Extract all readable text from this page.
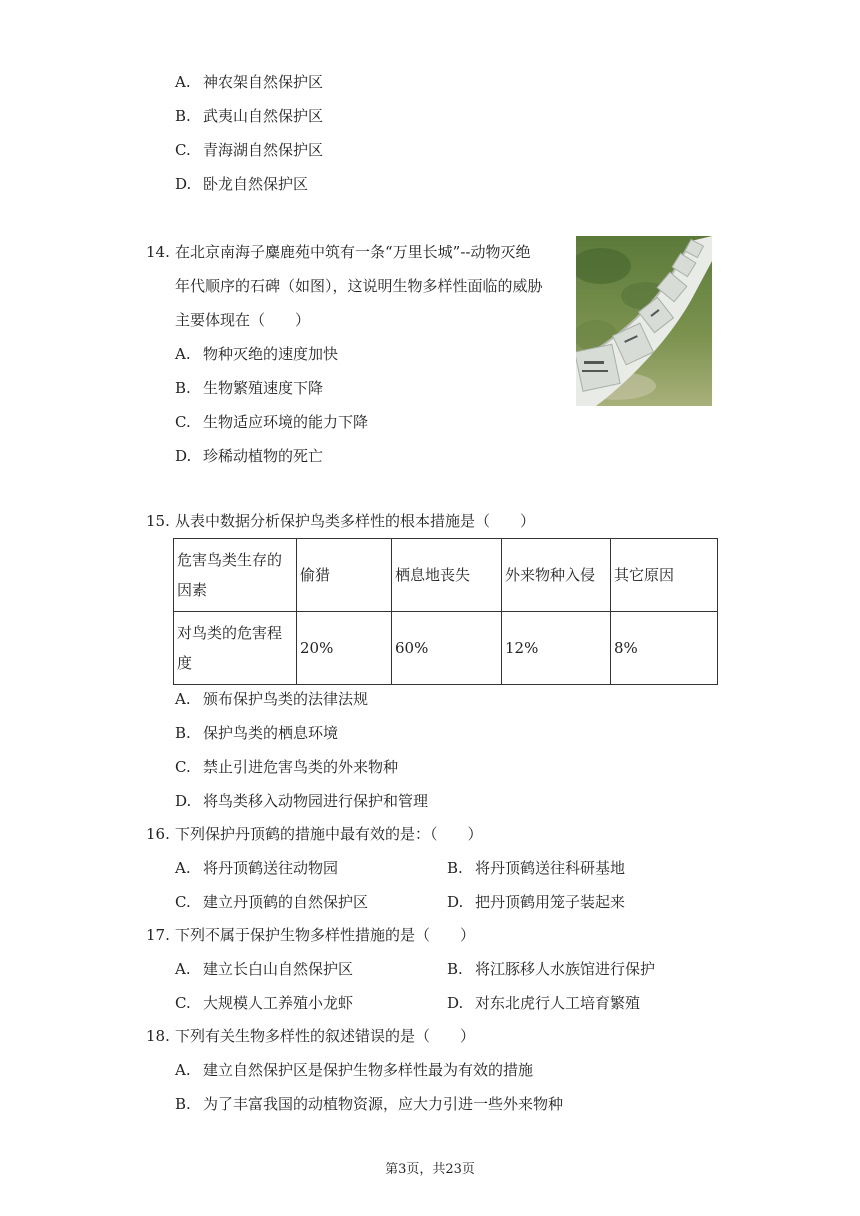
A. 神农架自然保护区
B. 武夷山自然保护区
C. 青海湖自然保护区
D. 卧龙自然保护区
14. 在北京南海子麋鹿苑中筑有一条“万里长城”--动物灭绝
年代顺序的石碑（如图），这说明生物多样性面临的威胁
主要体现在（　　）
A. 物种灭绝的速度加快
B. 生物繁殖速度下降
C. 生物适应环境的能力下降
D. 珍稀动植物的死亡
15. 从表中数据分析保护鸟类多样性的根本措施是（　　）
危害鸟类生存的因素	偷猎	栖息地丧失	外来物种入侵	其它原因
对鸟类的危害程度	20%	60%	12%	8%
A. 颁布保护鸟类的法律法规
B. 保护鸟类的栖息环境
C. 禁止引进危害鸟类的外来物种
D. 将鸟类移入动物园进行保护和管理
16. 下列保护丹顶鹤的措施中最有效的是：（　　）
A. 将丹顶鹤送往动物园	B. 将丹顶鹤送往科研基地
C. 建立丹顶鹤的自然保护区	D. 把丹顶鹤用笼子装起来
17. 下列不属于保护生物多样性措施的是（　　）
A. 建立长白山自然保护区	B. 将江豚移人水族馆进行保护
C. 大规模人工养殖小龙虾	D. 对东北虎行人工培育繁殖
18. 下列有关生物多样性的叙述错误的是（　　）
A. 建立自然保护区是保护生物多样性最为有效的措施
B. 为了丰富我国的动植物资源，应大力引进一些外来物种
第3页，共23页
